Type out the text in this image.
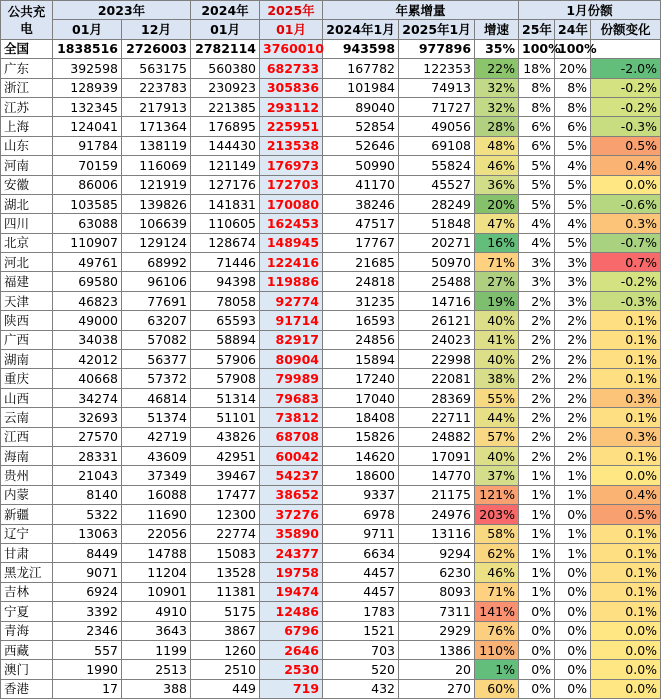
公共充电	2023年		2024年	2025年	年累增量			1月份额		
	01月	12月	01月	01月	2024年1月	2025年1月	增速	25年	24年	份额变化
全国	1838516	2726003	2782114	3760010	943598	977896	35%	100%	100%	
广东	392598	563175	560380	682733	167782	122353	22%	18%	20%	-2.0%
浙江	128939	223783	230923	305836	101984	74913	32%	8%	8%	-0.2%
江苏	132345	217913	221385	293112	89040	71727	32%	8%	8%	-0.2%
上海	124041	171364	176895	225951	52854	49056	28%	6%	6%	-0.3%
山东	91784	138119	144430	213538	52646	69108	48%	6%	5%	0.5%
河南	70159	116069	121149	176973	50990	55824	46%	5%	4%	0.4%
安徽	86006	121919	127176	172703	41170	45527	36%	5%	5%	0.0%
湖北	103585	139826	141831	170080	38246	28249	20%	5%	5%	-0.6%
四川	63088	106639	110605	162453	47517	51848	47%	4%	4%	0.3%
北京	110907	129124	128674	148945	17767	20271	16%	4%	5%	-0.7%
河北	49761	68992	71446	122416	21685	50970	71%	3%	3%	0.7%
福建	69580	96106	94398	119886	24818	25488	27%	3%	3%	-0.2%
天津	46823	77691	78058	92774	31235	14716	19%	2%	3%	-0.3%
陕西	49000	63207	65593	91714	16593	26121	40%	2%	2%	0.1%
广西	34038	57082	58894	82917	24856	24023	41%	2%	2%	0.1%
湖南	42012	56377	57906	80904	15894	22998	40%	2%	2%	0.1%
重庆	40668	57372	57908	79989	17240	22081	38%	2%	2%	0.1%
山西	34274	46814	51314	79683	17040	28369	55%	2%	2%	0.3%
云南	32693	51374	51101	73812	18408	22711	44%	2%	2%	0.1%
江西	27570	42719	43826	68708	15826	24882	57%	2%	2%	0.3%
海南	28331	43609	42951	60042	14620	17091	40%	2%	2%	0.1%
贵州	21043	37349	39467	54237	18600	14770	37%	1%	1%	0.0%
内蒙	8140	16088	17477	38652	9337	21175	121%	1%	1%	0.4%
新疆	5322	11690	12300	37276	6978	24976	203%	1%	0%	0.5%
辽宁	13063	22056	22774	35890	9711	13116	58%	1%	1%	0.1%
甘肃	8449	14788	15083	24377	6634	9294	62%	1%	1%	0.1%
黑龙江	9071	11204	13528	19758	4457	6230	46%	1%	0%	0.1%
吉林	6924	10901	11381	19474	4457	8093	71%	1%	0%	0.1%
宁夏	3392	4910	5175	12486	1783	7311	141%	0%	0%	0.1%
青海	2346	3643	3867	6796	1521	2929	76%	0%	0%	0.0%
西藏	557	1199	1260	2646	703	1386	110%	0%	0%	0.0%
澳门	1990	2513	2510	2530	520	20	1%	0%	0%	0.0%
香港	17	388	449	719	432	270	60%	0%	0%	0.0%
